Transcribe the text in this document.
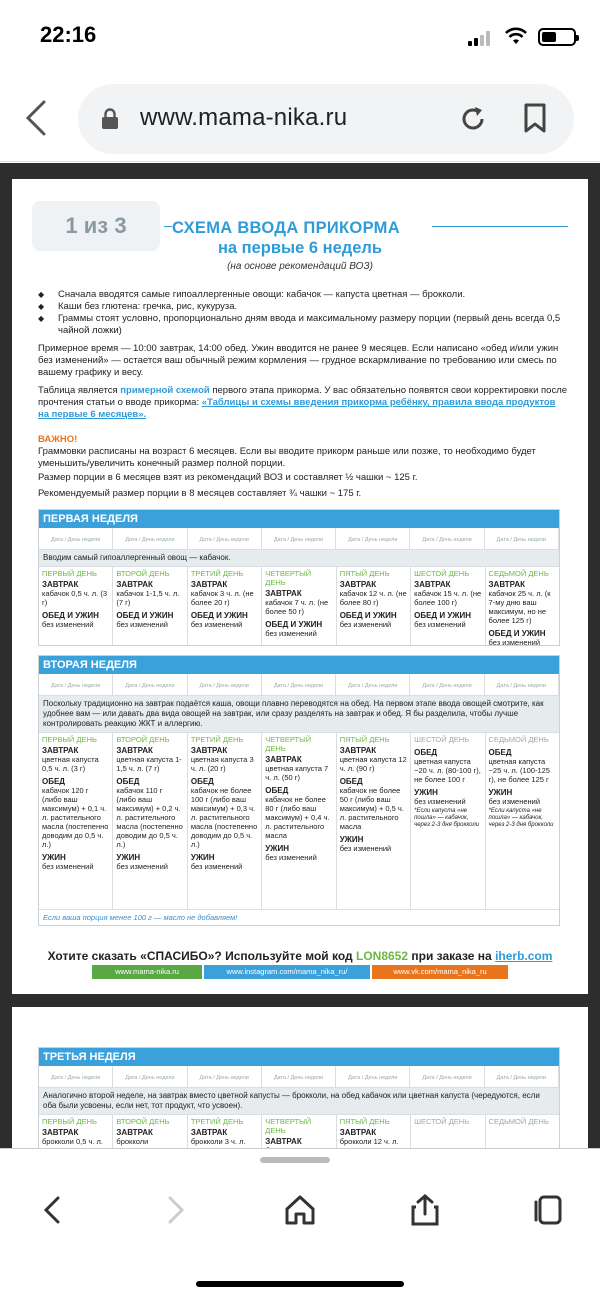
22:16
www.mama-nika.ru
1 из 3	СХЕМА ВВОДА ПРИКОРМА
на первые 6 недель
(на основе рекомендаций ВОЗ)
◆ Сначала вводятся самые гипоаллергенные овощи: кабачок — капуста цветная — брокколи.
◆ Каши без глютена: гречка, рис, кукуруза.
◆ Граммы стоят условно, пропорционально дням ввода и максимальному размеру порции (первый день всегда 0,5 чайной ложки)
Примерное время — 10:00 завтрак, 14:00 обед. Ужин вводится не ранее 9 месяцев. Если написано «обед и/или ужин без изменений» — остается ваш обычный режим кормления — грудное вскармливание по требованию или смесь по вашему графику и весу.
Таблица является примерной схемой первого этапа прикорма. У вас обязательно появятся свои корректировки после прочтения статьи о вводе прикорма: «Таблицы и схемы введения прикорма ребёнку, правила ввода продуктов на первые 6 месяцев».
ВАЖНО!
Граммовки расписаны на возраст 6 месяцев. Если вы вводите прикорм раньше или позже, то необходимо будет уменьшить/увеличить конечный размер полной порции.
Размер порции в 6 месяцев взят из рекомендаций ВОЗ и составляет ½ чашки ~ 125 г.
Рекомендуемый размер порции в 8 месяцев составляет ¾ чашки ~ 175 г.
ПЕРВАЯ НЕДЕЛЯ
Дата / День недели	Дата / День недели	Дата / День недели	Дата / День недели	Дата / День недели	Дата / День недели	Дата / День недели
Вводим самый гипоаллергенный овощ — кабачок.
ПЕРВЫЙ ДЕНЬ
ЗАВТРАК
кабачок 0,5 ч. л. (3 г)
ОБЕД И УЖИН
без изменений
ВТОРОЙ ДЕНЬ
ЗАВТРАК
кабачок 1-1,5 ч. л. (7 г)
ОБЕД И УЖИН
без изменений
ТРЕТИЙ ДЕНЬ
ЗАВТРАК
кабачок 3 ч. л. (не более 20 г)
ОБЕД И УЖИН
без изменений
ЧЕТВЕРТЫЙ ДЕНЬ
ЗАВТРАК
кабачок 7 ч. л. (не более 50 г)
ОБЕД И УЖИН
без изменений
ПЯТЫЙ ДЕНЬ
ЗАВТРАК
кабачок 12 ч. л. (не более 80 г)
ОБЕД И УЖИН
без изменений
ШЕСТОЙ ДЕНЬ
ЗАВТРАК
кабачок 15 ч. л. (не более 100 г)
ОБЕД И УЖИН
без изменений
СЕДЬМОЙ ДЕНЬ
ЗАВТРАК
кабачок 25 ч. л. (к 7-му дню ваш максимум, но не более 125 г)
ОБЕД И УЖИН
без изменений
ВТОРАЯ НЕДЕЛЯ
Дата / День недели	Дата / День недели	Дата / День недели	Дата / День недели	Дата / День недели	Дата / День недели	Дата / День недели
Поскольку традиционно на завтрак подаётся каша, овощи плавно переводятся на обед. На первом этапе ввода овощей смотрите, как удобнее вам — или давать два вида овощей на завтрак, или сразу разделять на завтрак и обед. Я бы разделила, чтобы лучше контролировать реакцию ЖКТ и аллергию.
ПЕРВЫЙ ДЕНЬ
ЗАВТРАК
цветная капуста 0,5 ч. л. (3 г)
ОБЕД
кабачок 120 г (либо ваш максимум) + 0,1 ч. л. растительного масла (постепенно доводим до 0,5 ч. л.)
УЖИН
без изменений
ВТОРОЙ ДЕНЬ
ЗАВТРАК
цветная капуста 1-1,5 ч. л. (7 г)
ОБЕД
кабачок 110 г (либо ваш максимум) + 0,2 ч. л. растительного масла (постепенно доводим до 0,5 ч. л.)
УЖИН
без изменений
ТРЕТИЙ ДЕНЬ
ЗАВТРАК
цветная капуста 3 ч. л. (20 г)
ОБЕД
кабачок не более 100 г (либо ваш максимум) + 0,3 ч. л. растительного масла (постепенно доводим до 0,5 ч. л.)
УЖИН
без изменений
ЧЕТВЕРТЫЙ ДЕНЬ
ЗАВТРАК
цветная капуста 7 ч. л. (50 г)
ОБЕД
кабачок не более 80 г (либо ваш максимум) + 0,4 ч. л. растительного масла
УЖИН
без изменений
ПЯТЫЙ ДЕНЬ
ЗАВТРАК
цветная капуста 12 ч. л. (90 г)
ОБЕД
кабачок не более 50 г (либо ваш максимум) + 0,5 ч. л. растительного масла
УЖИН
без изменений
ШЕСТОЙ ДЕНЬ
ОБЕД
цветная капуста ~20 ч. л. (80-100 г), не более 100 г
УЖИН
без изменений
*Если капуста «не пошла» — кабачок, через 2-3 дня брокколи
СЕДЬМОЙ ДЕНЬ
ОБЕД
цветная капуста ~25 ч. л. (100-125 г), не более 125 г
УЖИН
без изменений
*Если капуста «не пошла» — кабачок, через 2-3 дня брокколи
Если ваша порция менее 100 г — масло не добавляем!
Хотите сказать «СПАСИБО»? Используйте мой код LON8652 при заказе на iherb.com
www.mama-nika.ru	www.instagram.com/mama_nika_ru/	www.vk.com/mama_nika_ru
ТРЕТЬЯ НЕДЕЛЯ
Дата / День недели	Дата / День недели	Дата / День недели	Дата / День недели	Дата / День недели	Дата / День недели	Дата / День недели
Аналогично второй неделе, на завтрак вместо цветной капусты — брокколи, на обед кабачок или цветная капуста (чередуются, если оба были усвоены, если нет, тот продукт, что усвоен).
ПЕРВЫЙ ДЕНЬ
ЗАВТРАК
брокколи 0,5 ч. л.
ВТОРОЙ ДЕНЬ
ЗАВТРАК
брокколи
ТРЕТИЙ ДЕНЬ
ЗАВТРАК
брокколи 3 ч. л.
ЧЕТВЕРТЫЙ ДЕНЬ
ЗАВТРАК
ПЯТЫЙ ДЕНЬ
ЗАВТРАК
брокколи 12 ч. л.
ШЕСТОЙ ДЕНЬ	СЕДЬМОЙ ДЕНЬ
